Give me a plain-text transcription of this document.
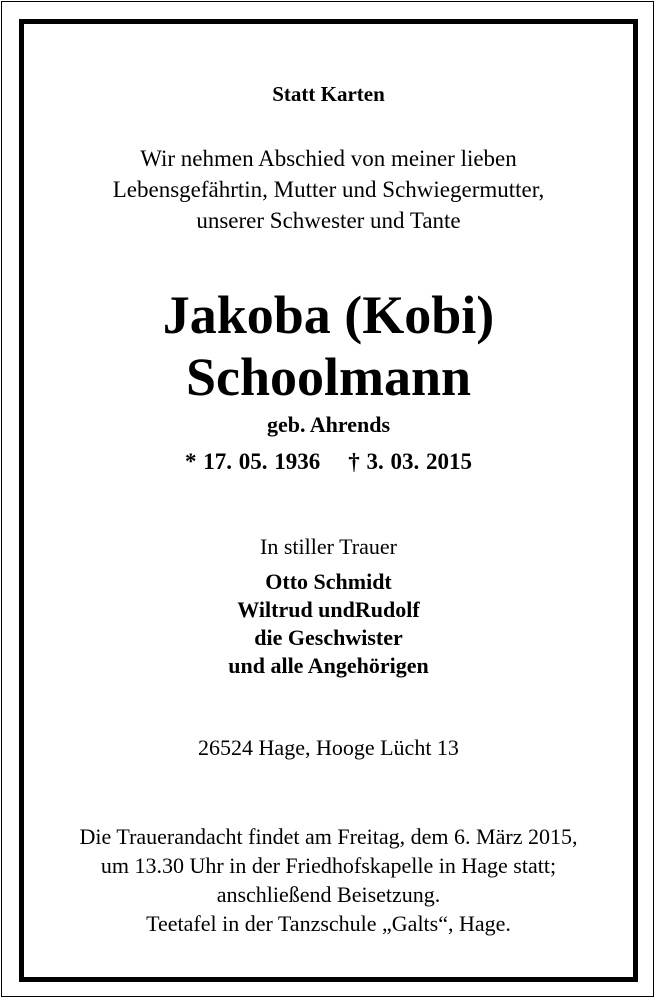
Statt Karten
Wir nehmen Abschied von meiner lieben
Lebensgefährtin, Mutter und Schwiegermutter,
unserer Schwester und Tante
Jakoba (Kobi)
Schoolmann
geb. Ahrends
* 17. 05. 1936 † 3. 03. 2015
In stiller Trauer
Otto Schmidt
Wiltrud undRudolf
die Geschwister
und alle Angehörigen
26524 Hage, Hooge Lücht 13
Die Trauerandacht findet am Freitag, dem 6. März 2015,
um 13.30 Uhr in der Friedhofskapelle in Hage statt;
anschließend Beisetzung.
Teetafel in der Tanzschule „Galts“, Hage.
